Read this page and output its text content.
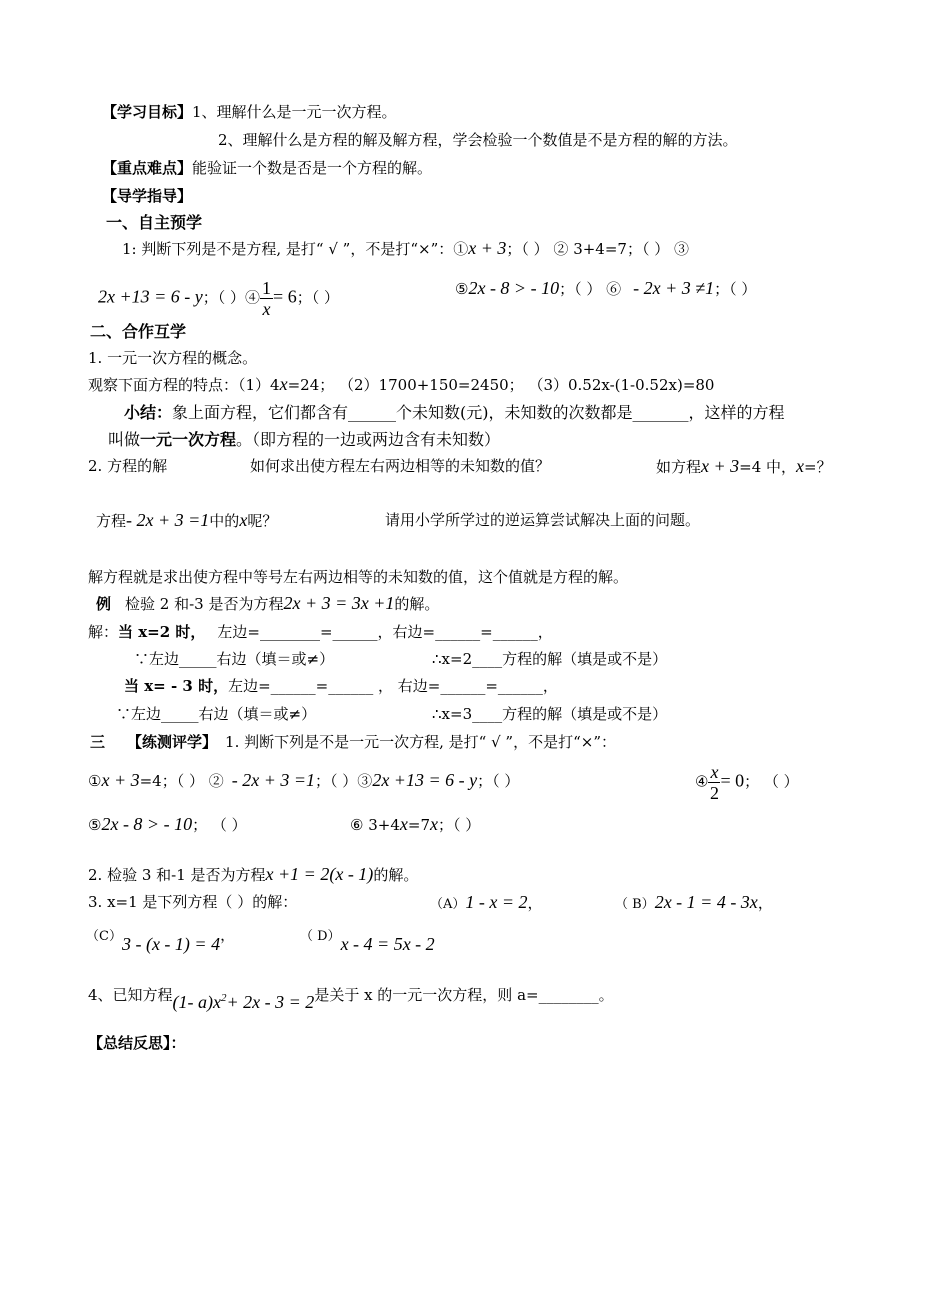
【学习目标】1、理解什么是一元一次方程。
2、理解什么是方程的解及解方程，学会检验一个数值是不是方程的解的方法。
【重点难点】能验证一个数是否是一个方程的解。
【导学指导】
一、自主预学
1: 判断下列是不是方程, 是打“ √ ”，不是打“×”：①x + 3；（ ） ② 3+4=7；（ ） ③
2x +13 = 6 - y；（ ）④ $\frac{1}{x} = 6$；（ ）	⑤2x - 8 > - 10；（ ） ⑥ - 2x + 3 ≠1；（ ）
二、合作互学
1. 一元一次方程的概念。
观察下面方程的特点：（1）4x=24； （2）1700+150=2450； （3）0.52x-(1-0.52x)=80
小结：象上面方程，它们都含有______个未知数(元)，未知数的次数都是_______，这样的方程
叫做一元一次方程。（即方程的一边或两边含有未知数）
2. 方程的解	如何求出使方程左右两边相等的未知数的值？	如方程x + 3=4 中，x=？
方程- 2x + 3 =1中的x呢？	请用小学所学过的逆运算尝试解决上面的问题。
解方程就是求出使方程中等号左右两边相等的未知数的值，这个值就是方程的解。
例 检验 2 和-3 是否为方程2x + 3 = 3x +1的解。
解：当 x=2 时， 左边=________=______，右边=______=______，
∵左边_____右边（填＝或≠）	∴x=2____方程的解（填是或不是）
当 x= - 3 时，左边=______=______ ， 右边=______=______，
∵左边_____右边（填＝或≠）	∴x=3____方程的解（填是或不是）
三 【练测评学】 1. 判断下列是不是一元一次方程, 是打“ √ ”，不是打“×”：
①x + 3=4；（ ） ② - 2x + 3 =1；（ ）③2x +13 = 6 - y；（ ）	④ $\frac{x}{2} = 0$； （ ）
⑤2x - 8 > - 10； （ ）	⑥ 3+4x=7x；（ ）
2. 检验 3 和-1 是否为方程x +1 = 2(x - 1)的解。
3. x=1 是下列方程（ ）的解：	（A）1 - x = 2，	（ B）2x - 1 = 4 - 3x，
（C）3 - (x - 1) = 4，	（ D）x - 4 = 5x - 2
4、已知方程(1- $a)x^2+ 2x - 3 = 2$是关于 x 的一元一次方程，则 a=________。
【总结反思】：
